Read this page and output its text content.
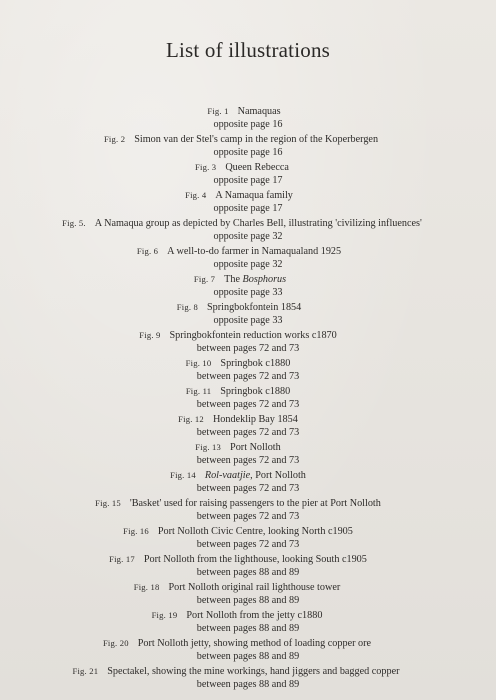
List of illustrations
Fig. 1 Namaquas
opposite page 16
Fig. 2 Simon van der Stel's camp in the region of the Koperbergen
opposite page 16
Fig. 3 Queen Rebecca
opposite page 17
Fig. 4 A Namaqua family
opposite page 17
Fig. 5. A Namaqua group as depicted by Charles Bell, illustrating 'civilizing influences'
opposite page 32
Fig. 6 A well-to-do farmer in Namaqualand 1925
opposite page 32
Fig. 7 The Bosphorus
opposite page 33
Fig. 8 Springbokfontein 1854
opposite page 33
Fig. 9 Springbokfontein reduction works c1870
between pages 72 and 73
Fig. 10 Springbok c1880
between pages 72 and 73
Fig. 11 Springbok c1880
between pages 72 and 73
Fig. 12 Hondeklip Bay 1854
between pages 72 and 73
Fig. 13 Port Nolloth
between pages 72 and 73
Fig. 14 Rol-vaatjie, Port Nolloth
between pages 72 and 73
Fig. 15 'Basket' used for raising passengers to the pier at Port Nolloth
between pages 72 and 73
Fig. 16 Port Nolloth Civic Centre, looking North c1905
between pages 72 and 73
Fig. 17 Port Nolloth from the lighthouse, looking South c1905
between pages 88 and 89
Fig. 18 Port Nolloth original rail lighthouse tower
between pages 88 and 89
Fig. 19 Port Nolloth from the jetty c1880
between pages 88 and 89
Fig. 20 Port Nolloth jetty, showing method of loading copper ore
between pages 88 and 89
Fig. 21 Spectakel, showing the mine workings, hand jiggers and bagged copper
between pages 88 and 89
